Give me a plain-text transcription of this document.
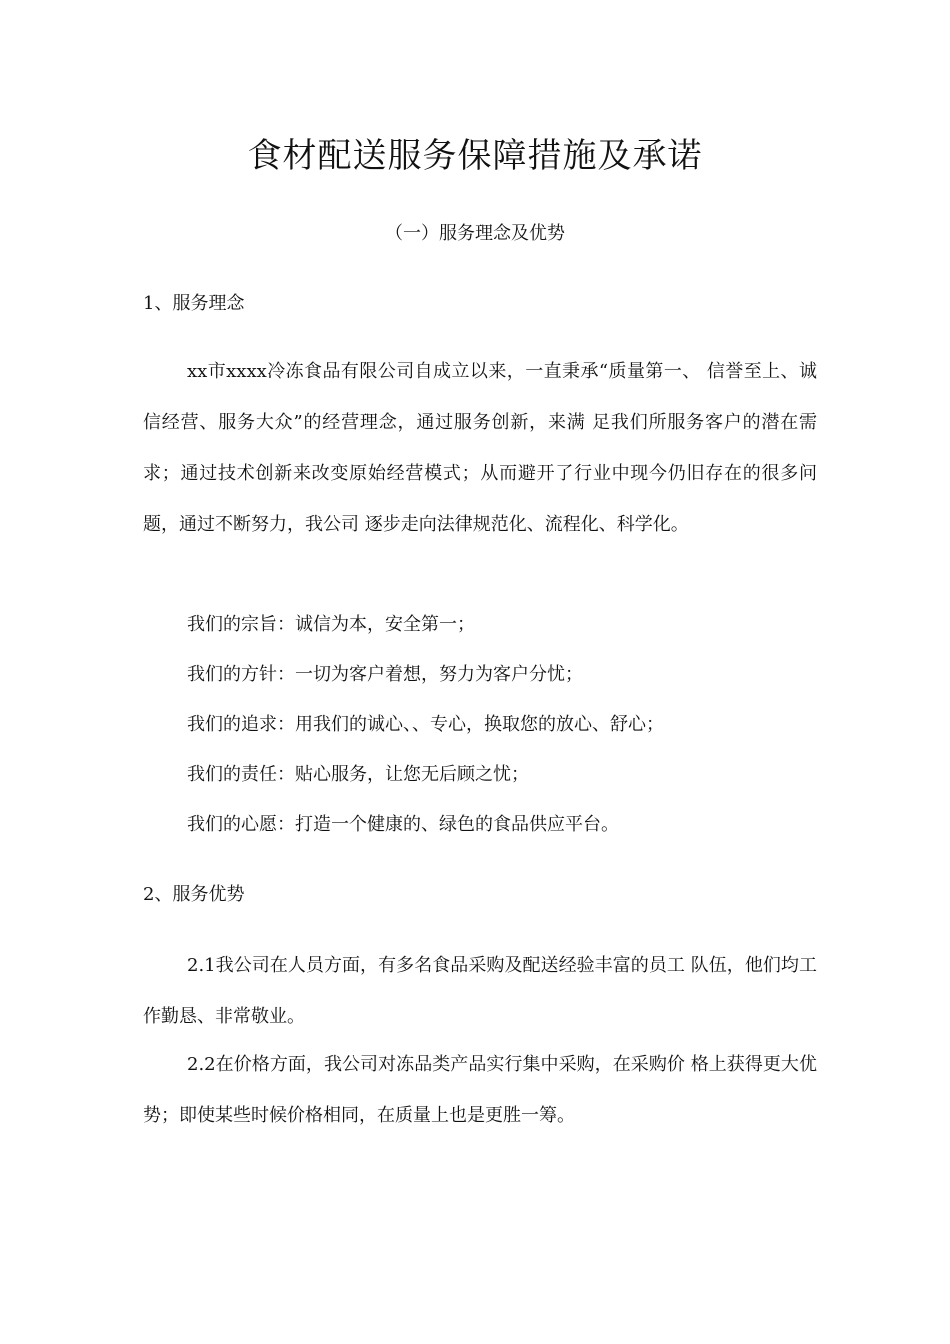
食材配送服务保障措施及承诺
（一）服务理念及优势
1、服务理念

xx市xxxx冷冻食品有限公司自成立以来，一直秉承“质量第一、 信誉至上、诚信经营、服务大众”的经营理念，通过服务创新，来满 足我们所服务客户的潜在需求；通过技术创新来改变原始经营模式；从而避开了行业中现今仍旧存在的很多问题，通过不断努力，我公司 逐步走向法律规范化、流程化、科学化。

我们的宗旨：诚信为本，安全第一；
我们的方针：一切为客户着想，努力为客户分忧；
我们的追求：用我们的诚心、、专心，换取您的放心、舒心；
我们的责任：贴心服务，让您无后顾之忧；
我们的心愿：打造一个健康的、绿色的食品供应平台。
2、服务优势

2.1我公司在人员方面，有多名食品采购及配送经验丰富的员工 队伍，他们均工作勤恳、非常敬业。

2.2在价格方面，我公司对冻品类产品实行集中采购，在采购价 格上获得更大优势；即使某些时候价格相同，在质量上也是更胜一筹。
